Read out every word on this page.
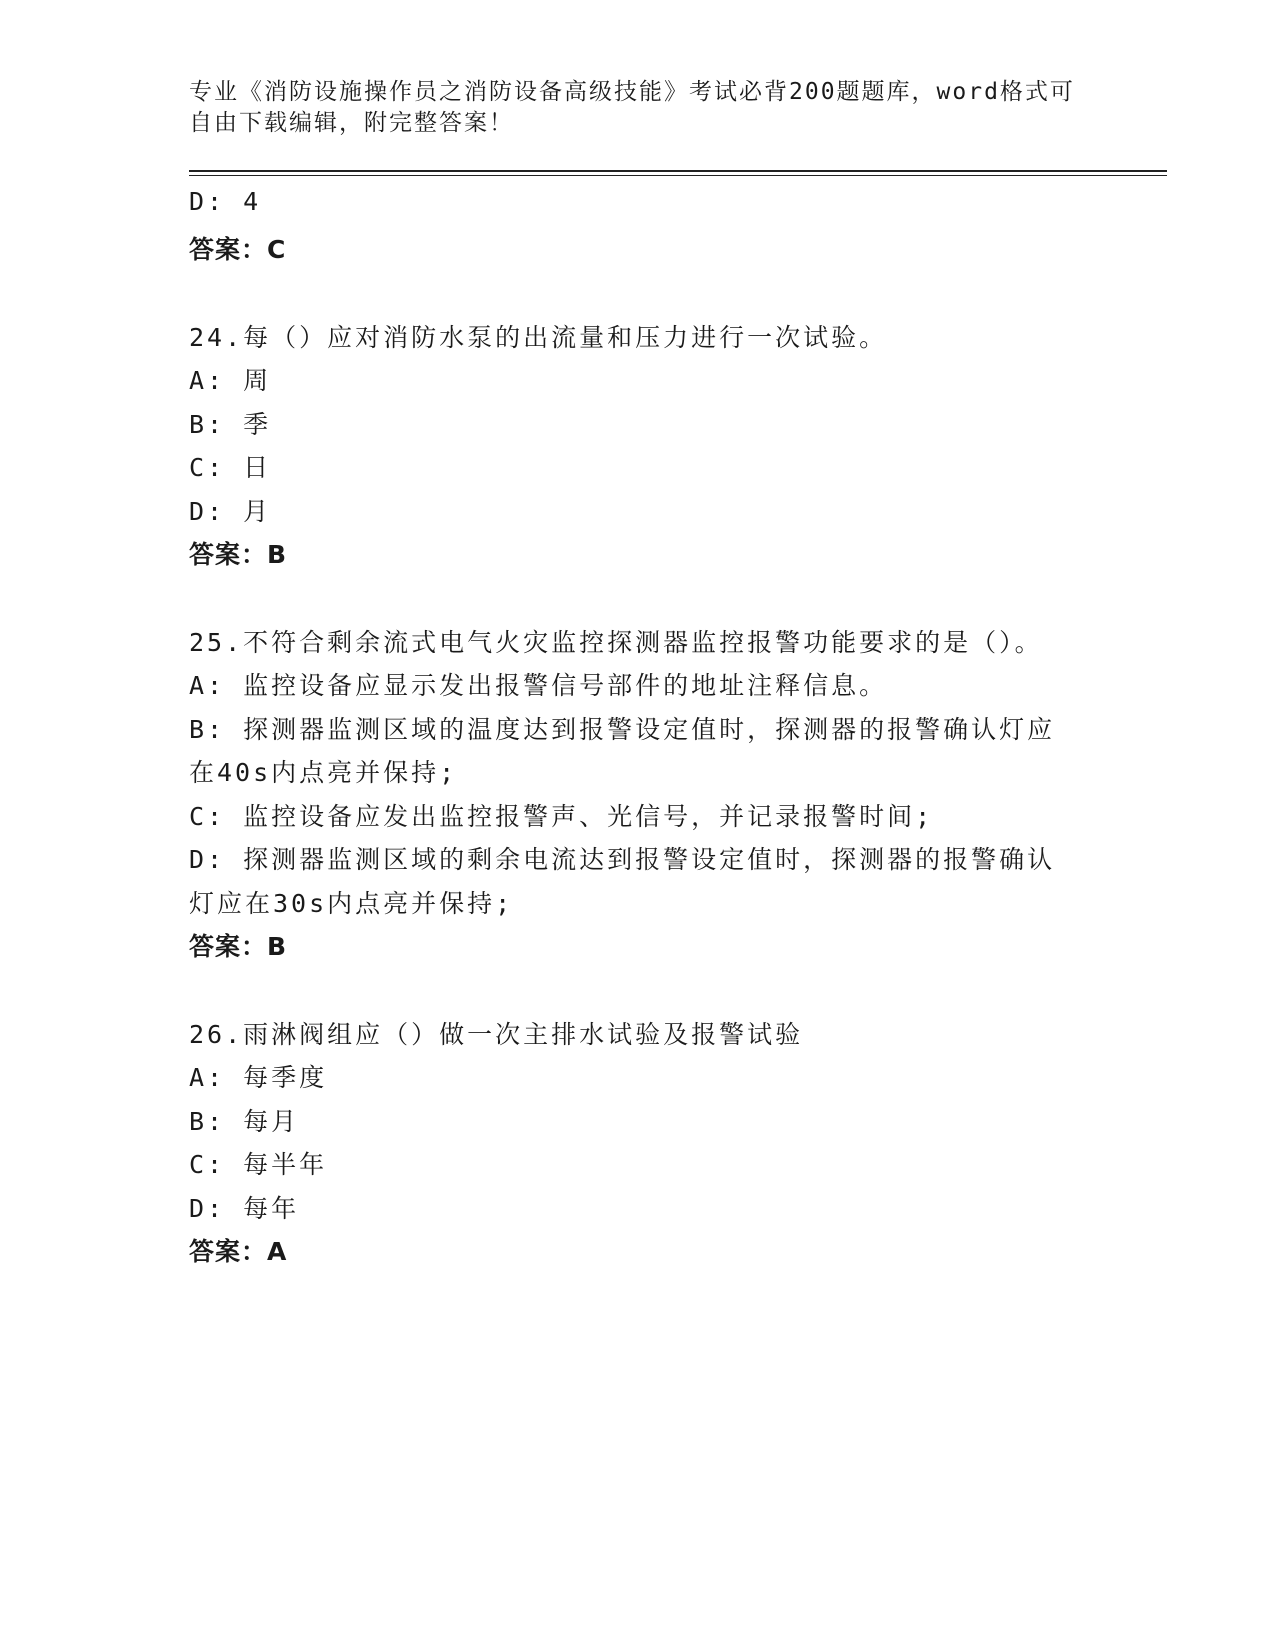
专业《消防设施操作员之消防设备高级技能》考试必背200题题库，word格式可
自由下载编辑，附完整答案！
D: 4
答案：C
24.每（）应对消防水泵的出流量和压力进行一次试验。
A: 周
B: 季
C: 日
D: 月
答案：B
25.不符合剩余流式电气火灾监控探测器监控报警功能要求的是（）。
A: 监控设备应显示发出报警信号部件的地址注释信息。
B: 探测器监测区域的温度达到报警设定值时，探测器的报警确认灯应
在40s内点亮并保持;
C: 监控设备应发出监控报警声、光信号，并记录报警时间;
D: 探测器监测区域的剩余电流达到报警设定值时，探测器的报警确认
灯应在30s内点亮并保持;
答案：B
26.雨淋阀组应（）做一次主排水试验及报警试验
A: 每季度
B: 每月
C: 每半年
D: 每年
答案：A
